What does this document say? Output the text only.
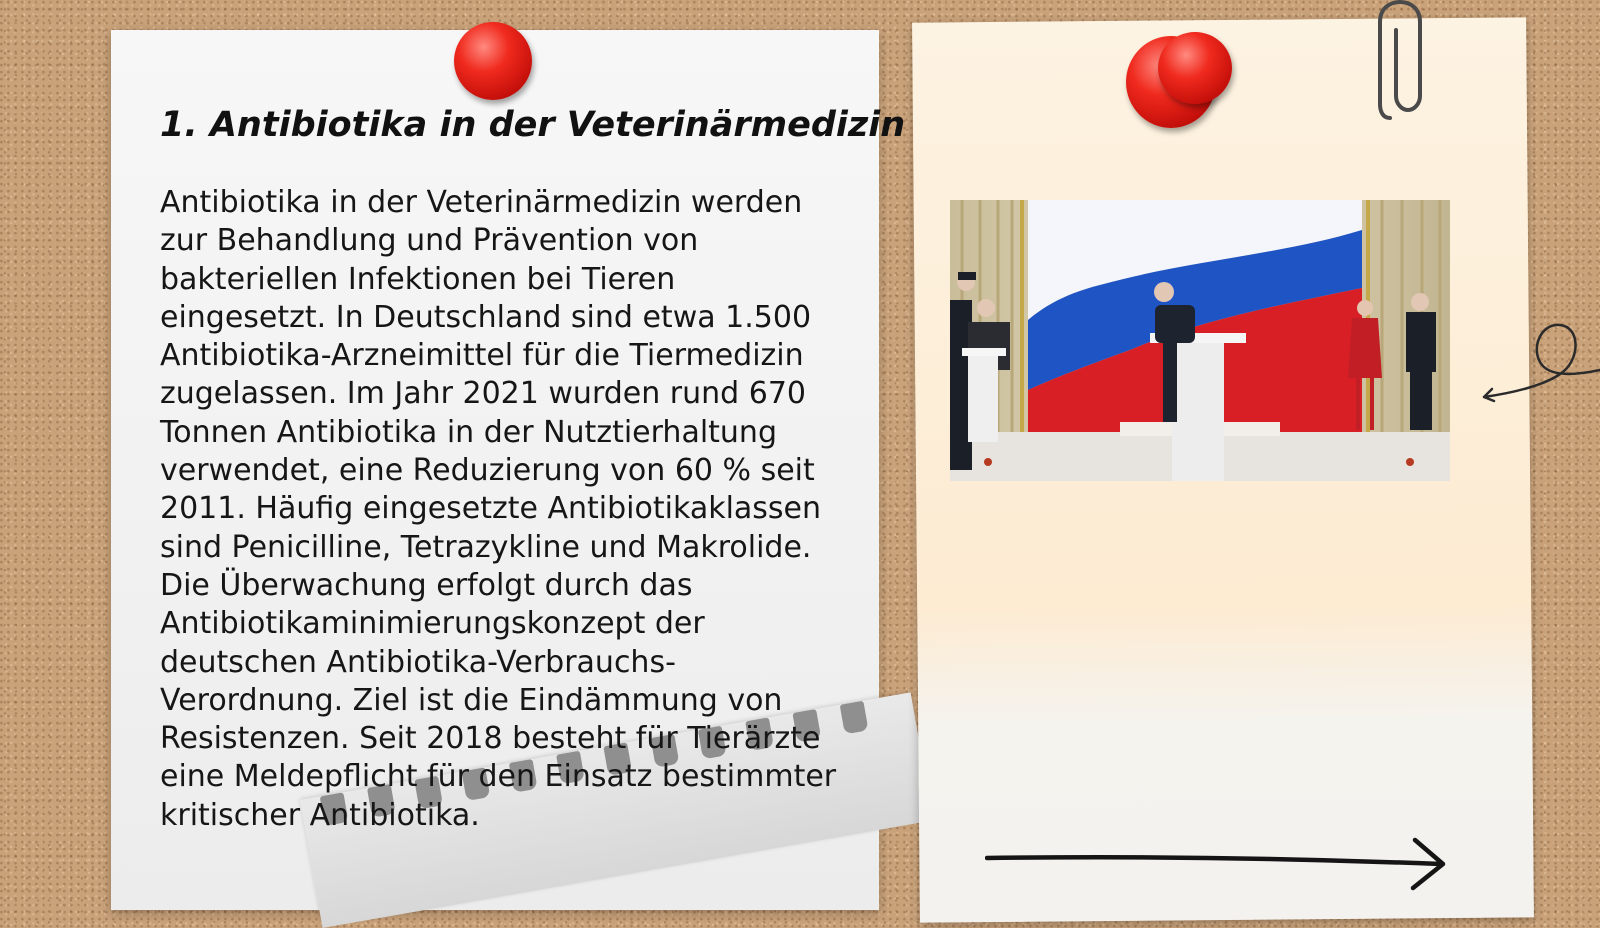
1. Antibiotika in der Veterinärmedizin

Antibiotika in der Veterinärmedizin werden zur Behandlung und Prävention von bakteriellen Infektionen bei Tieren eingesetzt. In Deutschland sind etwa 1.500 Antibiotika-Arzneimittel für die Tiermedizin zugelassen. Im Jahr 2021 wurden rund 670 Tonnen Antibiotika in der Nutztierhaltung verwendet, eine Reduzierung von 60 % seit 2011. Häufig eingesetzte Antibiotikaklassen sind Penicilline, Tetrazykline und Makrolide. Die Überwachung erfolgt durch das Antibiotikaminimierungskonzept der deutschen Antibiotika-Verbrauchs-Verordnung. Ziel ist die Eindämmung von Resistenzen. Seit 2018 besteht für Tierärzte eine Meldepflicht für den Einsatz bestimmter kritischer Antibiotika.
